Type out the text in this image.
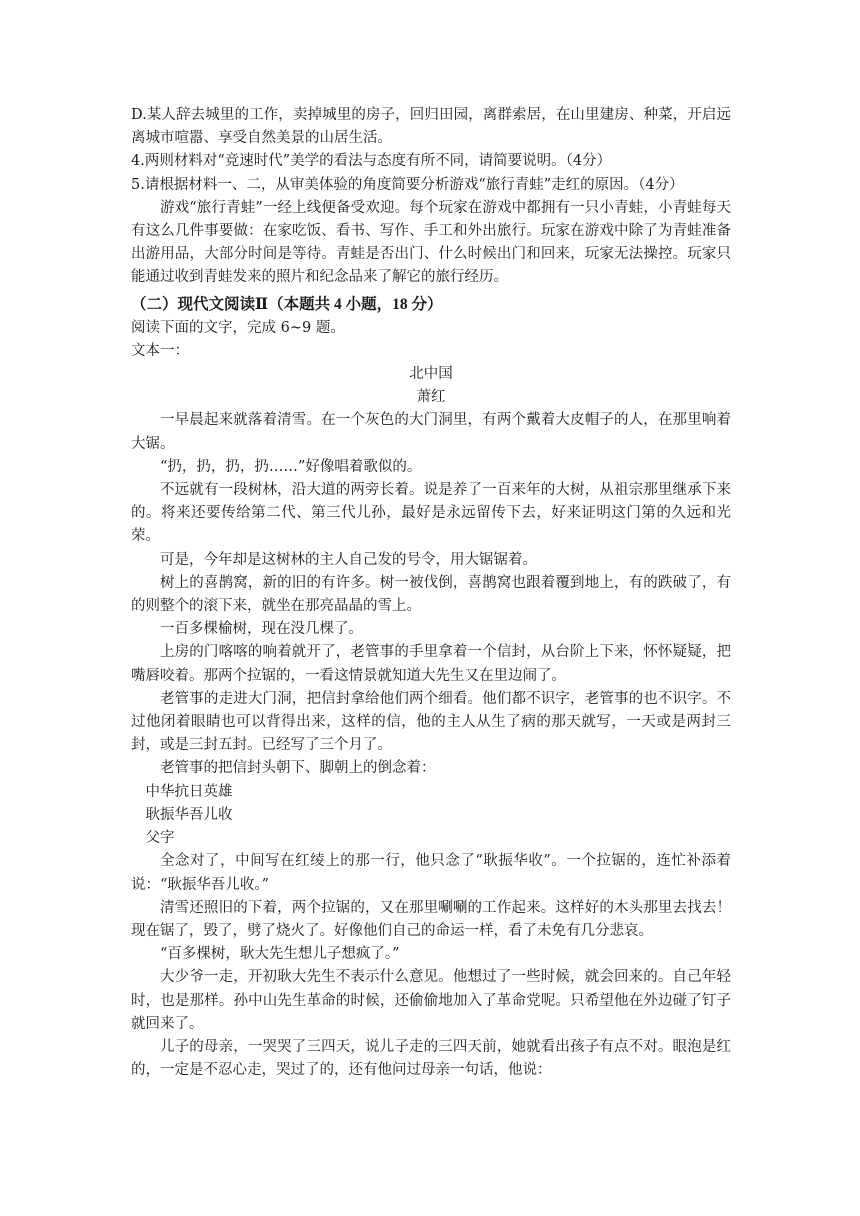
D.某人辞去城里的工作，卖掉城里的房子，回归田园，离群索居，在山里建房、种菜，开启远离城市喧嚣、享受自然美景的山居生活。

4.两则材料对“竞速时代”美学的看法与态度有所不同，请简要说明。（4分）

5.请根据材料一、二，从审美体验的角度简要分析游戏“旅行青蛙”走红的原因。（4分）

游戏“旅行青蛙”一经上线便备受欢迎。每个玩家在游戏中都拥有一只小青蛙，小青蛙每天有这么几件事要做：在家吃饭、看书、写作、手工和外出旅行。玩家在游戏中除了为青蛙准备出游用品，大部分时间是等待。青蛙是否出门、什么时候出门和回来，玩家无法操控。玩家只能通过收到青蛙发来的照片和纪念品来了解它的旅行经历。

（二）现代文阅读Ⅱ（本题共 4 小题，18 分）

阅读下面的文字，完成 6~9 题。

文本一：

北中国

萧红

一早晨起来就落着清雪。在一个灰色的大门洞里，有两个戴着大皮帽子的人，在那里响着大锯。

“扔，扔，扔，扔……”好像唱着歌似的。

不远就有一段树林，沿大道的两旁长着。说是养了一百来年的大树，从祖宗那里继承下来的。将来还要传给第二代、第三代儿孙，最好是永远留传下去，好来证明这门第的久远和光荣。

可是，今年却是这树林的主人自己发的号令，用大锯锯着。

树上的喜鹊窝，新的旧的有许多。树一被伐倒，喜鹊窝也跟着覆到地上，有的跌破了，有的则整个的滚下来，就坐在那亮晶晶的雪上。

一百多棵榆树，现在没几棵了。

上房的门喀喀的响着就开了，老管事的手里拿着一个信封，从台阶上下来，怀怀疑疑，把嘴唇咬着。那两个拉锯的，一看这情景就知道大先生又在里边闹了。

老管事的走进大门洞，把信封拿给他们两个细看。他们都不识字，老管事的也不识字。不过他闭着眼睛也可以背得出来，这样的信，他的主人从生了病的那天就写，一天或是两封三封，或是三封五封。已经写了三个月了。

老管事的把信封头朝下、脚朝上的倒念着：

中华抗日英雄

耿振华吾儿收

父字

全念对了，中间写在红绫上的那一行，他只念了“耿振华收”。一个拉锯的，连忙补添着说：“耿振华吾儿收。”

清雪还照旧的下着，两个拉锯的，又在那里唰唰的工作起来。这样好的木头那里去找去！现在锯了，毁了，劈了烧火了。好像他们自己的命运一样，看了未免有几分悲哀。

“百多棵树，耿大先生想儿子想疯了。”

大少爷一走，开初耿大先生不表示什么意见。他想过了一些时候，就会回来的。自己年轻时，也是那样。孙中山先生革命的时候，还偷偷地加入了革命党呢。只希望他在外边碰了钉子就回来了。

儿子的母亲，一哭哭了三四天，说儿子走的三四天前，她就看出孩子有点不对。眼泡是红的，一定是不忍心走，哭过了的，还有他问过母亲一句话，他说：
